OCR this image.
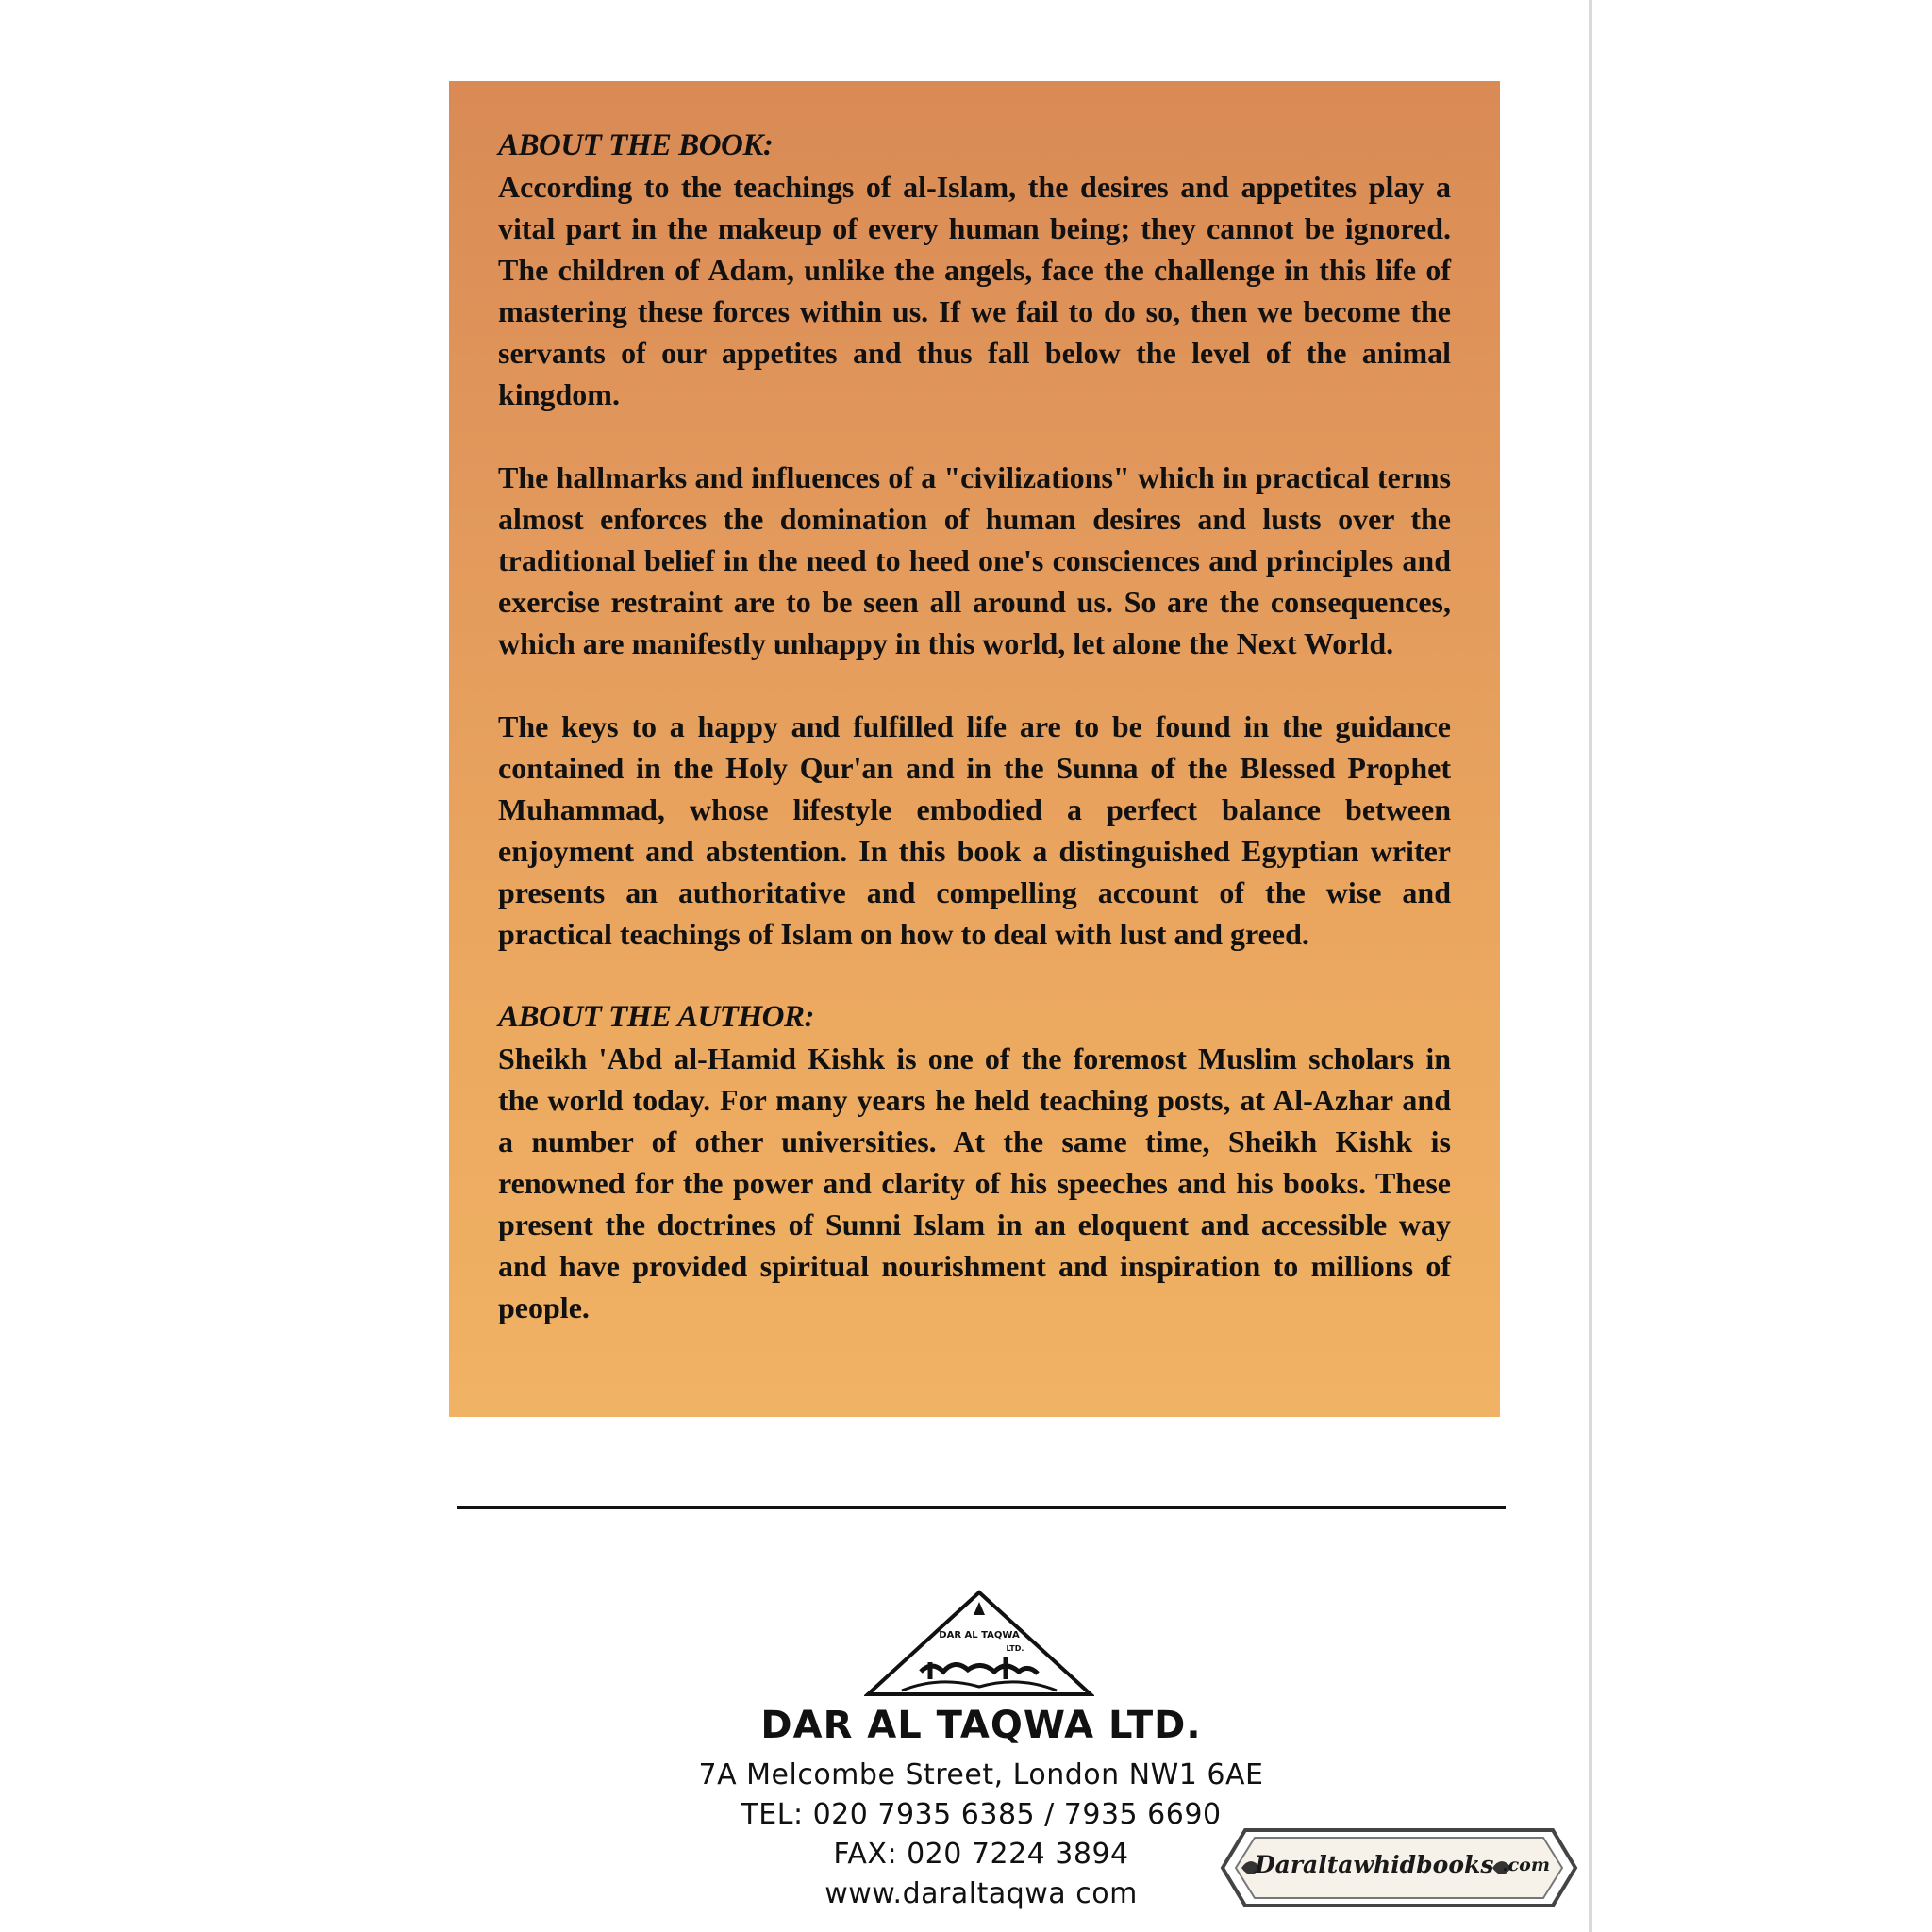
ABOUT THE BOOK:

According to the teachings of al-Islam, the desires and appetites play a vital part in the makeup of every human being; they cannot be ignored. The children of Adam, unlike the angels, face the challenge in this life of mastering these forces within us. If we fail to do so, then we become the servants of our appetites and thus fall below the level of the animal kingdom.

The hallmarks and influences of a "civilizations" which in practical terms almost enforces the domination of human desires and lusts over the traditional belief in the need to heed one's consciences and principles and exercise restraint are to be seen all around us. So are the consequences, which are manifestly unhappy in this world, let alone the Next World.

The keys to a happy and fulfilled life are to be found in the guidance contained in the Holy Qur'an and in the Sunna of the Blessed Prophet Muhammad, whose lifestyle embodied a perfect balance between enjoyment and abstention. In this book a distinguished Egyptian writer presents an authoritative and compelling account of the wise and practical teachings of Islam on how to deal with lust and greed.

ABOUT THE AUTHOR:

Sheikh 'Abd al-Hamid Kishk is one of the foremost Muslim scholars in the world today. For many years he held teaching posts, at Al-Azhar and a number of other universities. At the same time, Sheikh Kishk is renowned for the power and clarity of his speeches and his books. These present the doctrines of Sunni Islam in an eloquent and accessible way and have provided spiritual nourishment and inspiration to millions of people.

DAR AL TAQWA
LTD.
DAR AL TAQWA LTD.
7A Melcombe Street, London NW1 6AE
TEL: 020 7935 6385 / 7935 6690
FAX: 020 7224 3894
www.daraltaqwa com
Daraltawhidbooks .com
